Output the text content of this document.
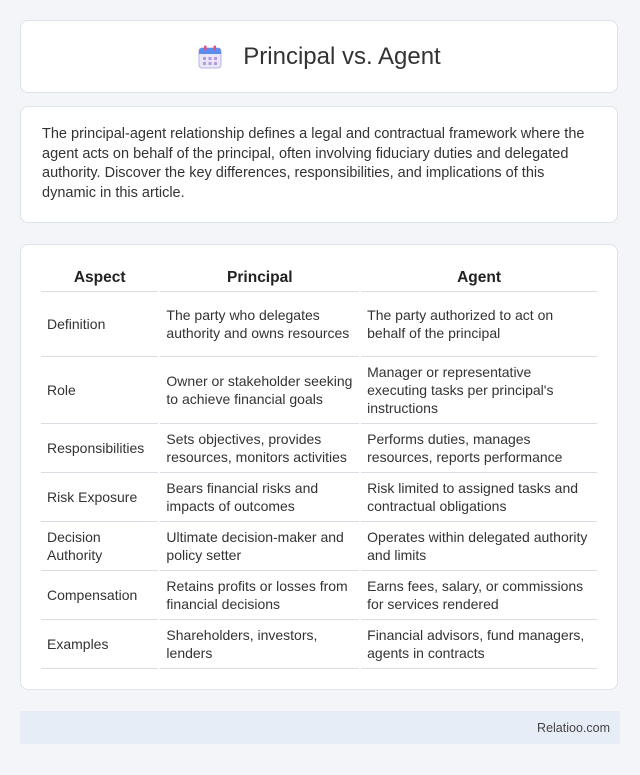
Principal vs. Agent

The principal-agent relationship defines a legal and contractual framework where the agent acts on behalf of the principal, often involving fiduciary duties and delegated authority. Discover the key differences, responsibilities, and implications of this dynamic in this article.

Aspect	Principal	Agent
Definition	The party who delegates authority and owns resources	The party authorized to act on behalf of the principal
Role	Owner or stakeholder seeking to achieve financial goals	Manager or representative executing tasks per principal's instructions
Responsibilities	Sets objectives, provides resources, monitors activities	Performs duties, manages resources, reports performance
Risk Exposure	Bears financial risks and impacts of outcomes	Risk limited to assigned tasks and contractual obligations
Decision Authority	Ultimate decision-maker and policy setter	Operates within delegated authority and limits
Compensation	Retains profits or losses from financial decisions	Earns fees, salary, or commissions for services rendered
Examples	Shareholders, investors, lenders	Financial advisors, fund managers, agents in contracts
Relatioo.com
